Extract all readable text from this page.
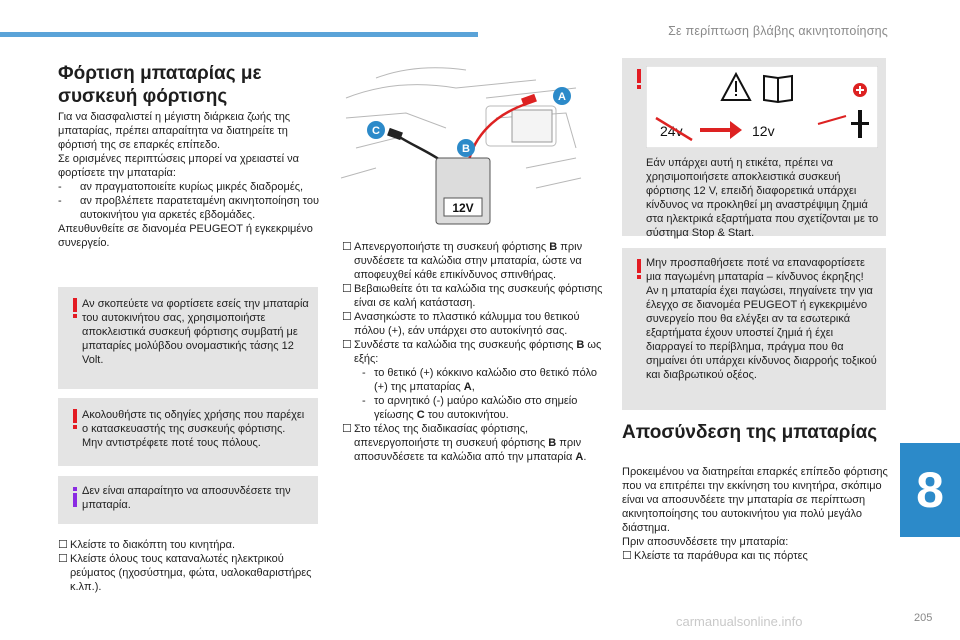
Σε περίπτωση βλάβης ακινητοποίησης
Φόρτιση μπαταρίας με συσκευή φόρτισης

Για να διασφαλιστεί η μέγιστη διάρκεια ζωής της μπαταρίας, πρέπει απαραίτητα να διατηρείτε τη φόρτισή της σε επαρκές επίπεδο.

Σε ορισμένες περιπτώσεις μπορεί να χρειαστεί να φορτίσετε την μπαταρία:

- αν πραγματοποιείτε κυρίως μικρές διαδρομές,
- αν προβλέπετε παρατεταμένη ακινητοποίηση του αυτοκινήτου για αρκετές εβδομάδες.

Απευθυνθείτε σε διανομέα PEUGEOT ή εγκεκριμένο συνεργείο.

Αν σκοπεύετε να φορτίσετε εσείς την μπαταρία του αυτοκινήτου σας, χρησιμοποιήστε αποκλειστικά συσκευή φόρτισης συμβατή με μπαταρίες μολύβδου ονομαστικής τάσης 12 Volt.
Ακολουθήστε τις οδηγίες χρήσης που παρέχει ο κατασκευαστής της συσκευής φόρτισης.
Μην αντιστρέφετε ποτέ τους πόλους.
Δεν είναι απαραίτητο να αποσυνδέσετε την μπαταρία.
☐ Κλείστε το διακόπτη του κινητήρα.
☐ Κλείστε όλους τους καταναλωτές ηλεκτρικού ρεύματος (ηχοσύστημα, φώτα, υαλοκαθαριστήρες κ.λπ.).
12V
A
B
C
☐ Απενεργοποιήστε τη συσκευή φόρτισης B πριν συνδέσετε τα καλώδια στην μπαταρία, ώστε να αποφευχθεί κάθε επικίνδυνος σπινθήρας.
☐ Βεβαιωθείτε ότι τα καλώδια της συσκευής φόρτισης είναι σε καλή κατάσταση.
☐ Ανασηκώστε το πλαστικό κάλυμμα του θετικού πόλου (+), εάν υπάρχει στο αυτοκίνητό σας.
☐ Συνδέστε τα καλώδια της συσκευής φόρτισης B ως εξής:
- το θετικό (+) κόκκινο καλώδιο στο θετικό πόλο (+) της μπαταρίας A,
- το αρνητικό (-) μαύρο καλώδιο στο σημείο γείωσης C του αυτοκινήτου.
☐ Στο τέλος της διαδικασίας φόρτισης, απενεργοποιήστε τη συσκευή φόρτισης B πριν αποσυνδέσετε τα καλώδια από την μπαταρία A.
24v	12v
Εάν υπάρχει αυτή η ετικέτα, πρέπει να χρησιμοποιήσετε αποκλειστικά συσκευή φόρτισης 12 V, επειδή διαφορετικά υπάρχει κίνδυνος να προκληθεί μη αναστρέψιμη ζημιά στα ηλεκτρικά εξαρτήματα που σχετίζονται με το σύστημα Stop & Start.
Μην προσπαθήσετε ποτέ να επαναφορτίσετε μια παγωμένη μπαταρία – κίνδυνος έκρηξης!
Αν η μπαταρία έχει παγώσει, πηγαίνετε την για έλεγχο σε διανομέα PEUGEOT ή εγκεκριμένο συνεργείο που θα ελέγξει αν τα εσωτερικά εξαρτήματα έχουν υποστεί ζημιά ή έχει διαρραγεί το περίβλημα, πράγμα που θα σημαίνει ότι υπάρχει κίνδυνος διαρροής τοξικού και διαβρωτικού οξέος.
Αποσύνδεση της μπαταρίας

Προκειμένου να διατηρείται επαρκές επίπεδο φόρτισης που να επιτρέπει την εκκίνηση του κινητήρα, σκόπιμο είναι να αποσυνδέετε την μπαταρία σε περίπτωση ακινητοποίησης του αυτοκινήτου για πολύ μεγάλο διάστημα.

Πριν αποσυνδέσετε την μπαταρία:

☐ Κλείστε τα παράθυρα και τις πόρτες
8
carmanualsonline.info	205
